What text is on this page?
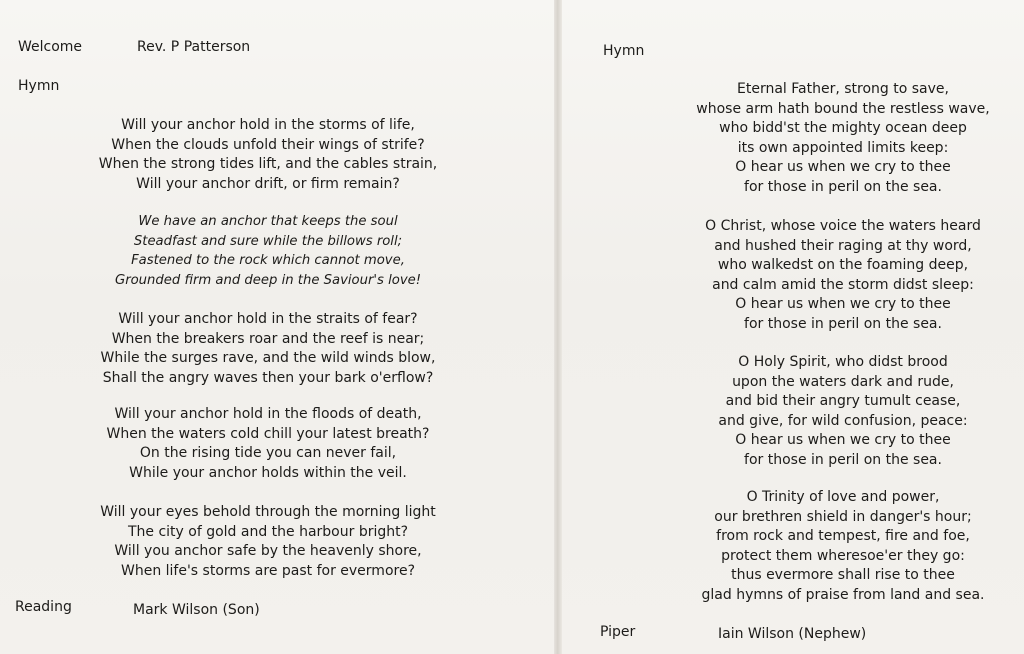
Welcome	Rev. P Patterson
Hymn
Will your anchor hold in the storms of life,
When the clouds unfold their wings of strife?
When the strong tides lift, and the cables strain,
Will your anchor drift, or firm remain?
We have an anchor that keeps the soul
Steadfast and sure while the billows roll;
Fastened to the rock which cannot move,
Grounded firm and deep in the Saviour's love!
Will your anchor hold in the straits of fear?
When the breakers roar and the reef is near;
While the surges rave, and the wild winds blow,
Shall the angry waves then your bark o'erflow?
Will your anchor hold in the floods of death,
When the waters cold chill your latest breath?
On the rising tide you can never fail,
While your anchor holds within the veil.
Will your eyes behold through the morning light
The city of gold and the harbour bright?
Will you anchor safe by the heavenly shore,
When life's storms are past for evermore?
Reading	Mark Wilson (Son)
Hymn
Eternal Father, strong to save,
whose arm hath bound the restless wave,
who bidd'st the mighty ocean deep
its own appointed limits keep:
O hear us when we cry to thee
for those in peril on the sea.
O Christ, whose voice the waters heard
and hushed their raging at thy word,
who walkedst on the foaming deep,
and calm amid the storm didst sleep:
O hear us when we cry to thee
for those in peril on the sea.
O Holy Spirit, who didst brood
upon the waters dark and rude,
and bid their angry tumult cease,
and give, for wild confusion, peace:
O hear us when we cry to thee
for those in peril on the sea.
O Trinity of love and power,
our brethren shield in danger's hour;
from rock and tempest, fire and foe,
protect them wheresoe'er they go:
thus evermore shall rise to thee
glad hymns of praise from land and sea.
Piper	Iain Wilson (Nephew)
